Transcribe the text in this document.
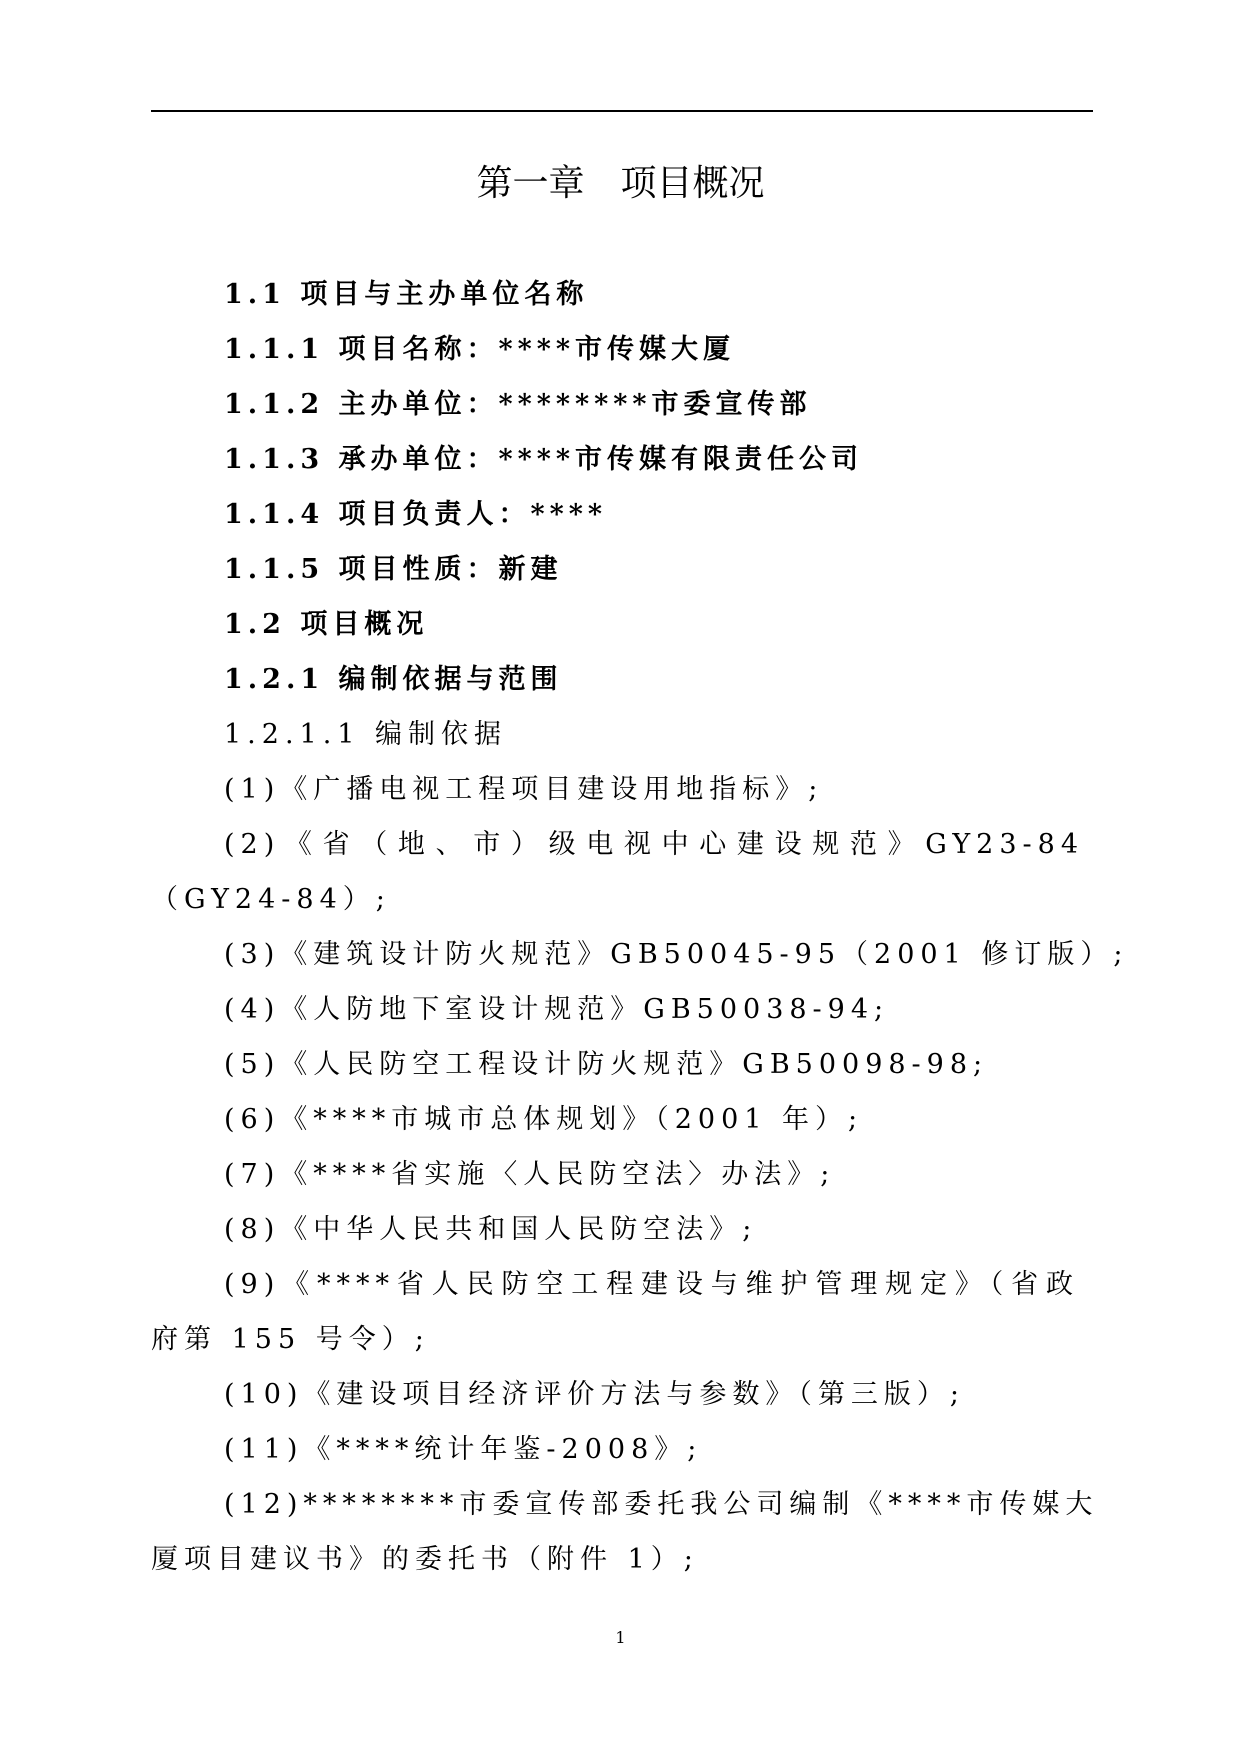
第一章　项目概况
1.1 项目与主办单位名称
1.1.1 项目名称：****市传媒大厦
1.1.2 主办单位：********市委宣传部
1.1.3 承办单位：****市传媒有限责任公司
1.1.4 项目负责人：****
1.1.5 项目性质：新建
1.2 项目概况
1.2.1 编制依据与范围
1.2.1.1 编制依据
(1)《广播电视工程项目建设用地指标》;
(2)《省（地、市）级电视中心建设规范》GY23-84
（GY24-84）;
(3)《建筑设计防火规范》GB50045-95（2001 修订版）;
(4)《人防地下室设计规范》GB50038-94;
(5)《人民防空工程设计防火规范》GB50098-98;
(6)《****市城市总体规划》（2001 年）;
(7)《****省实施〈人民防空法〉办法》;
(8)《中华人民共和国人民防空法》;
(9)《****省人民防空工程建设与维护管理规定》（省政
府第 155 号令）;
(10)《建设项目经济评价方法与参数》（第三版）;
(11)《****统计年鉴-2008》;
(12)********市委宣传部委托我公司编制《****市传媒大
厦项目建议书》的委托书（附件 1）;
1
